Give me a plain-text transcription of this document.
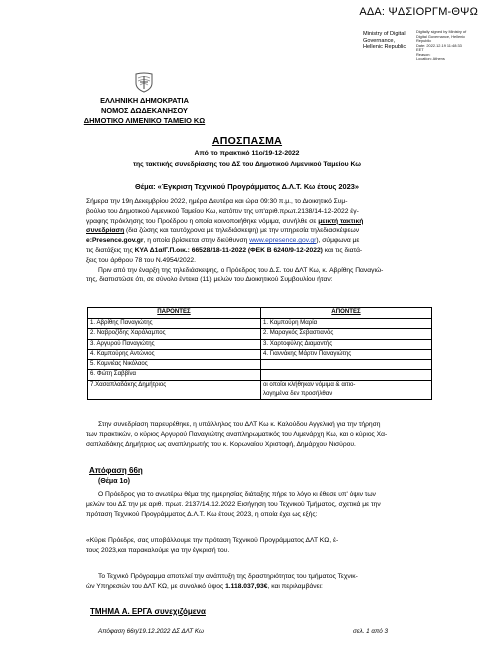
ΑΔΑ: ΨΔΣΙΟΡΓΜ-ΘΨΩ
Ministry of Digital
Governance,
Hellenic Republic
Digitally signed by Ministry of
Digital Governance, Hellenic
Republic
Date: 2022.12.19 11:48:33
EET
Reason:
Location: Athens
ΕΛΛΗΝΙΚΗ ΔΗΜΟΚΡΑΤΙΑ
ΝΟΜΟΣ ΔΩΔΕΚΑΝΗΣΟΥ
ΔΗΜΟΤΙΚΟ ΛΙΜΕΝΙΚΟ ΤΑΜΕΙΟ ΚΩ
ΑΠΟΣΠΑΣΜΑ
Από το πρακτικό 11ο/19-12-2022
της τακτικής συνεδρίασης του ΔΣ του Δημοτικού Λιμενικού Ταμείου Κω
Θέμα: «Έγκριση Τεχνικού Προγράμματος Δ.Λ.Τ. Κω έτους 2023»
Σήμερα την 19η Δεκεμβρίου 2022, ημέρα Δευτέρα και ώρα 09:30 π.μ., το Διοικητικό Συμ-
βούλιο του Δημοτικού Λιμενικού Ταμείου Κω, κατόπιν της υπ'αριθ.πρωτ.2138/14-12-2022 έγ-
γραφης πρόκλησης του Προέδρου η οποία κοινοποιήθηκε νόμιμα, συνήλθε σε μεικτή τακτική
συνεδρίαση (δια ζώσης και ταυτόχρονα με τηλεδιάσκεψη) με την υπηρεσία τηλεδιασκέψεων
e:Presence.gov.gr, η οποία βρίσκεται στην διεύθυνση www.epresence.gov.gr), σύμφωνα με
τις διατάξεις της ΚΥΑ Δ1α/Γ.Π.οικ.: 66528/18-11-2022 (ΦΕΚ Β 6240/9-12-2022) και τις διατά-
ξεις του άρθρου 78 του Ν.4954/2022.
Πριν από την έναρξη της τηλεδιάσκεψης, ο Πρόεδρος του Δ.Σ. του ΔΛΤ Κω, κ. Αβρίθης Παναγιώ-
της, διαπιστώσε ότι, σε σύνολο έντεκα (11) μελών του Διοικητικού Συμβουλίου ήταν:
ΠΑΡΟΝΤΕΣ	ΑΠΟΝΤΕΣ
1. Αβρίθης Παναγιώτης	1. Καμπούρη Μαρία
2. Ναβροζίδης Χαράλαμπος	2. Μαραγκός Σεβαστιανός
3. Αργυρού Παναγιώτης	3. Χαρτοφύλης Διαμαντής
4. Καμπούρης Αντώνιος	4. Γιαννάκης Μάρτιν Παναγιώτης
5. Κομνιέας Νικόλαος	
6. Φώτη Σαββίνα	
7.Χασαπλαδάκης Δημήτριος	οι οποίοι κλήθηκαν νόμιμα & αιτιο-
λογημένα δεν προσήλθαν
Στην συνεδρίαση παρευρέθηκε, η υπάλληλος του ΔΛΤ Κω κ. Καλούδου Αγγελική για την τήρηση
των πρακτικών, ο κύριος Αργυρού Παναγιώτης αναπληρωματικός του Λιμενάρχη Κω, και ο κύριος Χα-
σαπλαδάκης Δημήτριος ως αναπληρωτής του κ. Κορωναίου Χριστοφή, Δημάρχου Νισύρου.
Απόφαση 66η
(Θέμα 1ο)
Ο Πρόεδρος για το ανωτέρω θέμα της ημερησίας διάταξης πήρε το λόγο κι έθεσε υπ' όψιν των
μελών του ΔΣ την με αριθ. πρωτ. 2137/14.12.2022 Εισήγηση του Τεχνικού Τμήματος, σχετικά με την
πρόταση Τεχνικού Προγράμματος Δ.Λ.Τ. Κω έτους 2023, η οποία έχει ως εξής:
«Κύριε Πρόεδρε, σας υποβάλλουμε την πρόταση Τεχνικού Προγράμματος ΔΛΤ ΚΩ, έ-
τους 2023,και παρακαλούμε για την έγκρισή του.
Το Τεχνικό Πρόγραμμα αποτελεί την ανάπτυξη της δραστηριότητας του τμήματος Τεχνικ-
ών Υπηρεσιών του ΔΛΤ ΚΩ, με συνολικό ύψος 1.118.037,93€, και περιλαμβάνει:
ΤΜΗΜΑ Α. ΕΡΓΑ συνεχιζόμενα
Απόφαση 66η/19.12.2022 ΔΣ ΔΛΤ Κω	σελ. 1 από 3
